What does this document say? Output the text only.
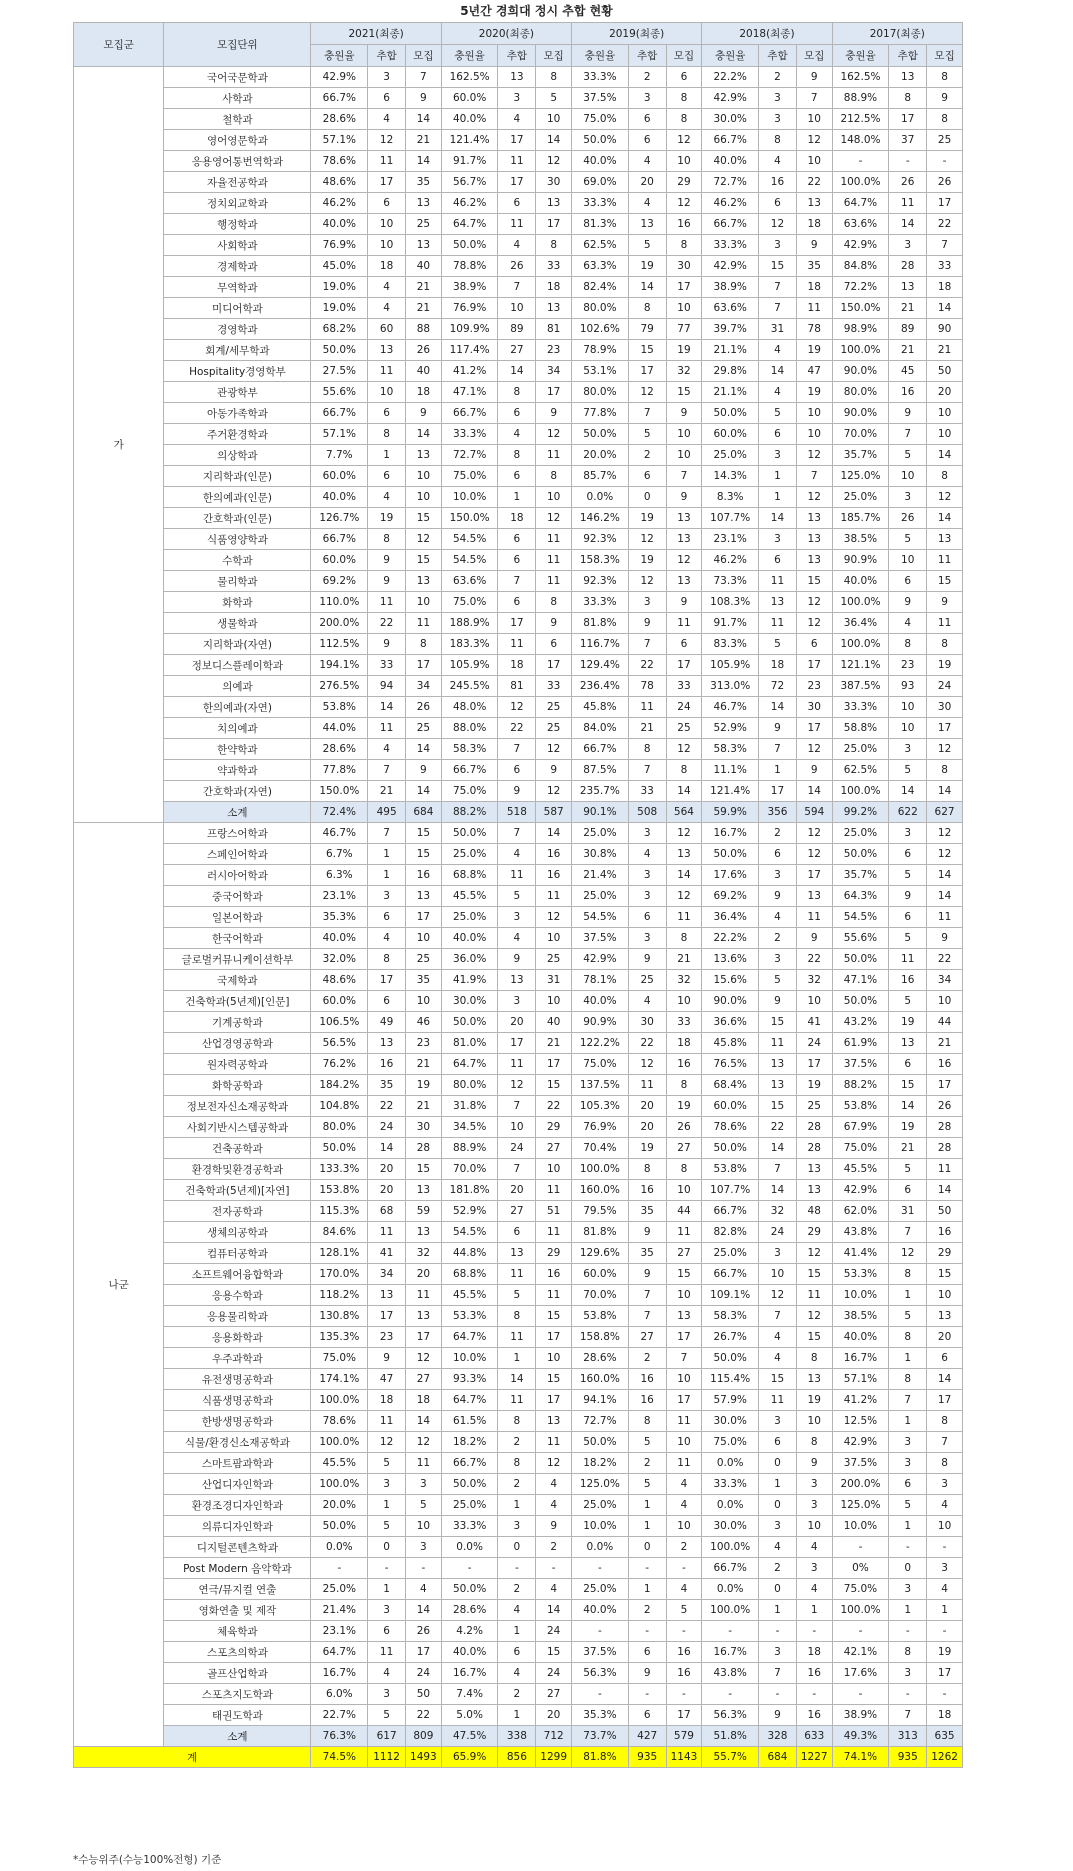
5년간 경희대 정시 추합 현황
모집군	모집단위	2021(최종)			2020(최종)			2019(최종)			2018(최종)			2017(최종)		
		충원율	추합	모집	충원율	추합	모집	충원율	추합	모집	충원율	추합	모집	충원율	추합	모집
가	국어국문학과	42.9%	3	7	162.5%	13	8	33.3%	2	6	22.2%	2	9	162.5%	13	8
	사학과	66.7%	6	9	60.0%	3	5	37.5%	3	8	42.9%	3	7	88.9%	8	9
	철학과	28.6%	4	14	40.0%	4	10	75.0%	6	8	30.0%	3	10	212.5%	17	8
	영어영문학과	57.1%	12	21	121.4%	17	14	50.0%	6	12	66.7%	8	12	148.0%	37	25
	응용영어통번역학과	78.6%	11	14	91.7%	11	12	40.0%	4	10	40.0%	4	10	-	-	-
	자율전공학과	48.6%	17	35	56.7%	17	30	69.0%	20	29	72.7%	16	22	100.0%	26	26
	정치외교학과	46.2%	6	13	46.2%	6	13	33.3%	4	12	46.2%	6	13	64.7%	11	17
	행정학과	40.0%	10	25	64.7%	11	17	81.3%	13	16	66.7%	12	18	63.6%	14	22
	사회학과	76.9%	10	13	50.0%	4	8	62.5%	5	8	33.3%	3	9	42.9%	3	7
	경제학과	45.0%	18	40	78.8%	26	33	63.3%	19	30	42.9%	15	35	84.8%	28	33
	무역학과	19.0%	4	21	38.9%	7	18	82.4%	14	17	38.9%	7	18	72.2%	13	18
	미디어학과	19.0%	4	21	76.9%	10	13	80.0%	8	10	63.6%	7	11	150.0%	21	14
	경영학과	68.2%	60	88	109.9%	89	81	102.6%	79	77	39.7%	31	78	98.9%	89	90
	회계/세무학과	50.0%	13	26	117.4%	27	23	78.9%	15	19	21.1%	4	19	100.0%	21	21
	Hospitality경영학부	27.5%	11	40	41.2%	14	34	53.1%	17	32	29.8%	14	47	90.0%	45	50
	관광학부	55.6%	10	18	47.1%	8	17	80.0%	12	15	21.1%	4	19	80.0%	16	20
	아동가족학과	66.7%	6	9	66.7%	6	9	77.8%	7	9	50.0%	5	10	90.0%	9	10
	주거환경학과	57.1%	8	14	33.3%	4	12	50.0%	5	10	60.0%	6	10	70.0%	7	10
	의상학과	7.7%	1	13	72.7%	8	11	20.0%	2	10	25.0%	3	12	35.7%	5	14
	지리학과(인문)	60.0%	6	10	75.0%	6	8	85.7%	6	7	14.3%	1	7	125.0%	10	8
	한의예과(인문)	40.0%	4	10	10.0%	1	10	0.0%	0	9	8.3%	1	12	25.0%	3	12
	간호학과(인문)	126.7%	19	15	150.0%	18	12	146.2%	19	13	107.7%	14	13	185.7%	26	14
	식품영양학과	66.7%	8	12	54.5%	6	11	92.3%	12	13	23.1%	3	13	38.5%	5	13
	수학과	60.0%	9	15	54.5%	6	11	158.3%	19	12	46.2%	6	13	90.9%	10	11
	물리학과	69.2%	9	13	63.6%	7	11	92.3%	12	13	73.3%	11	15	40.0%	6	15
	화학과	110.0%	11	10	75.0%	6	8	33.3%	3	9	108.3%	13	12	100.0%	9	9
	생물학과	200.0%	22	11	188.9%	17	9	81.8%	9	11	91.7%	11	12	36.4%	4	11
	지리학과(자연)	112.5%	9	8	183.3%	11	6	116.7%	7	6	83.3%	5	6	100.0%	8	8
	정보디스플레이학과	194.1%	33	17	105.9%	18	17	129.4%	22	17	105.9%	18	17	121.1%	23	19
	의예과	276.5%	94	34	245.5%	81	33	236.4%	78	33	313.0%	72	23	387.5%	93	24
	한의예과(자연)	53.8%	14	26	48.0%	12	25	45.8%	11	24	46.7%	14	30	33.3%	10	30
	치의예과	44.0%	11	25	88.0%	22	25	84.0%	21	25	52.9%	9	17	58.8%	10	17
	한약학과	28.6%	4	14	58.3%	7	12	66.7%	8	12	58.3%	7	12	25.0%	3	12
	약과학과	77.8%	7	9	66.7%	6	9	87.5%	7	8	11.1%	1	9	62.5%	5	8
	간호학과(자연)	150.0%	21	14	75.0%	9	12	235.7%	33	14	121.4%	17	14	100.0%	14	14
	소계	72.4%	495	684	88.2%	518	587	90.1%	508	564	59.9%	356	594	99.2%	622	627
나군	프랑스어학과	46.7%	7	15	50.0%	7	14	25.0%	3	12	16.7%	2	12	25.0%	3	12
	스페인어학과	6.7%	1	15	25.0%	4	16	30.8%	4	13	50.0%	6	12	50.0%	6	12
	러시아어학과	6.3%	1	16	68.8%	11	16	21.4%	3	14	17.6%	3	17	35.7%	5	14
	중국어학과	23.1%	3	13	45.5%	5	11	25.0%	3	12	69.2%	9	13	64.3%	9	14
	일본어학과	35.3%	6	17	25.0%	3	12	54.5%	6	11	36.4%	4	11	54.5%	6	11
	한국어학과	40.0%	4	10	40.0%	4	10	37.5%	3	8	22.2%	2	9	55.6%	5	9
	글로벌커뮤니케이션학부	32.0%	8	25	36.0%	9	25	42.9%	9	21	13.6%	3	22	50.0%	11	22
	국제학과	48.6%	17	35	41.9%	13	31	78.1%	25	32	15.6%	5	32	47.1%	16	34
	건축학과(5년제)[인문]	60.0%	6	10	30.0%	3	10	40.0%	4	10	90.0%	9	10	50.0%	5	10
	기계공학과	106.5%	49	46	50.0%	20	40	90.9%	30	33	36.6%	15	41	43.2%	19	44
	산업경영공학과	56.5%	13	23	81.0%	17	21	122.2%	22	18	45.8%	11	24	61.9%	13	21
	원자력공학과	76.2%	16	21	64.7%	11	17	75.0%	12	16	76.5%	13	17	37.5%	6	16
	화학공학과	184.2%	35	19	80.0%	12	15	137.5%	11	8	68.4%	13	19	88.2%	15	17
	정보전자신소재공학과	104.8%	22	21	31.8%	7	22	105.3%	20	19	60.0%	15	25	53.8%	14	26
	사회기반시스템공학과	80.0%	24	30	34.5%	10	29	76.9%	20	26	78.6%	22	28	67.9%	19	28
	건축공학과	50.0%	14	28	88.9%	24	27	70.4%	19	27	50.0%	14	28	75.0%	21	28
	환경학및환경공학과	133.3%	20	15	70.0%	7	10	100.0%	8	8	53.8%	7	13	45.5%	5	11
	건축학과(5년제)[자연]	153.8%	20	13	181.8%	20	11	160.0%	16	10	107.7%	14	13	42.9%	6	14
	전자공학과	115.3%	68	59	52.9%	27	51	79.5%	35	44	66.7%	32	48	62.0%	31	50
	생체의공학과	84.6%	11	13	54.5%	6	11	81.8%	9	11	82.8%	24	29	43.8%	7	16
	컴퓨터공학과	128.1%	41	32	44.8%	13	29	129.6%	35	27	25.0%	3	12	41.4%	12	29
	소프트웨어융합학과	170.0%	34	20	68.8%	11	16	60.0%	9	15	66.7%	10	15	53.3%	8	15
	응용수학과	118.2%	13	11	45.5%	5	11	70.0%	7	10	109.1%	12	11	10.0%	1	10
	응용물리학과	130.8%	17	13	53.3%	8	15	53.8%	7	13	58.3%	7	12	38.5%	5	13
	응용화학과	135.3%	23	17	64.7%	11	17	158.8%	27	17	26.7%	4	15	40.0%	8	20
	우주과학과	75.0%	9	12	10.0%	1	10	28.6%	2	7	50.0%	4	8	16.7%	1	6
	유전생명공학과	174.1%	47	27	93.3%	14	15	160.0%	16	10	115.4%	15	13	57.1%	8	14
	식품생명공학과	100.0%	18	18	64.7%	11	17	94.1%	16	17	57.9%	11	19	41.2%	7	17
	한방생명공학과	78.6%	11	14	61.5%	8	13	72.7%	8	11	30.0%	3	10	12.5%	1	8
	식물/환경신소재공학과	100.0%	12	12	18.2%	2	11	50.0%	5	10	75.0%	6	8	42.9%	3	7
	스마트팜과학과	45.5%	5	11	66.7%	8	12	18.2%	2	11	0.0%	0	9	37.5%	3	8
	산업디자인학과	100.0%	3	3	50.0%	2	4	125.0%	5	4	33.3%	1	3	200.0%	6	3
	환경조경디자인학과	20.0%	1	5	25.0%	1	4	25.0%	1	4	0.0%	0	3	125.0%	5	4
	의류디자인학과	50.0%	5	10	33.3%	3	9	10.0%	1	10	30.0%	3	10	10.0%	1	10
	디지털콘텐츠학과	0.0%	0	3	0.0%	0	2	0.0%	0	2	100.0%	4	4	-	-	-
	Post Modern 음악학과	-	-	-	-	-	-	-	-	-	66.7%	2	3	0%	0	3
	연극/뮤지컬 연출	25.0%	1	4	50.0%	2	4	25.0%	1	4	0.0%	0	4	75.0%	3	4
	영화연출 및 제작	21.4%	3	14	28.6%	4	14	40.0%	2	5	100.0%	1	1	100.0%	1	1
	체육학과	23.1%	6	26	4.2%	1	24	-	-	-	-	-	-	-	-	-
	스포츠의학과	64.7%	11	17	40.0%	6	15	37.5%	6	16	16.7%	3	18	42.1%	8	19
	골프산업학과	16.7%	4	24	16.7%	4	24	56.3%	9	16	43.8%	7	16	17.6%	3	17
	스포츠지도학과	6.0%	3	50	7.4%	2	27	-	-	-	-	-	-	-	-	-
	태권도학과	22.7%	5	22	5.0%	1	20	35.3%	6	17	56.3%	9	16	38.9%	7	18
	소계	76.3%	617	809	47.5%	338	712	73.7%	427	579	51.8%	328	633	49.3%	313	635
계		74.5%	1112	1493	65.9%	856	1299	81.8%	935	1143	55.7%	684	1227	74.1%	935	1262
*수능위주(수능100%전형) 기준
